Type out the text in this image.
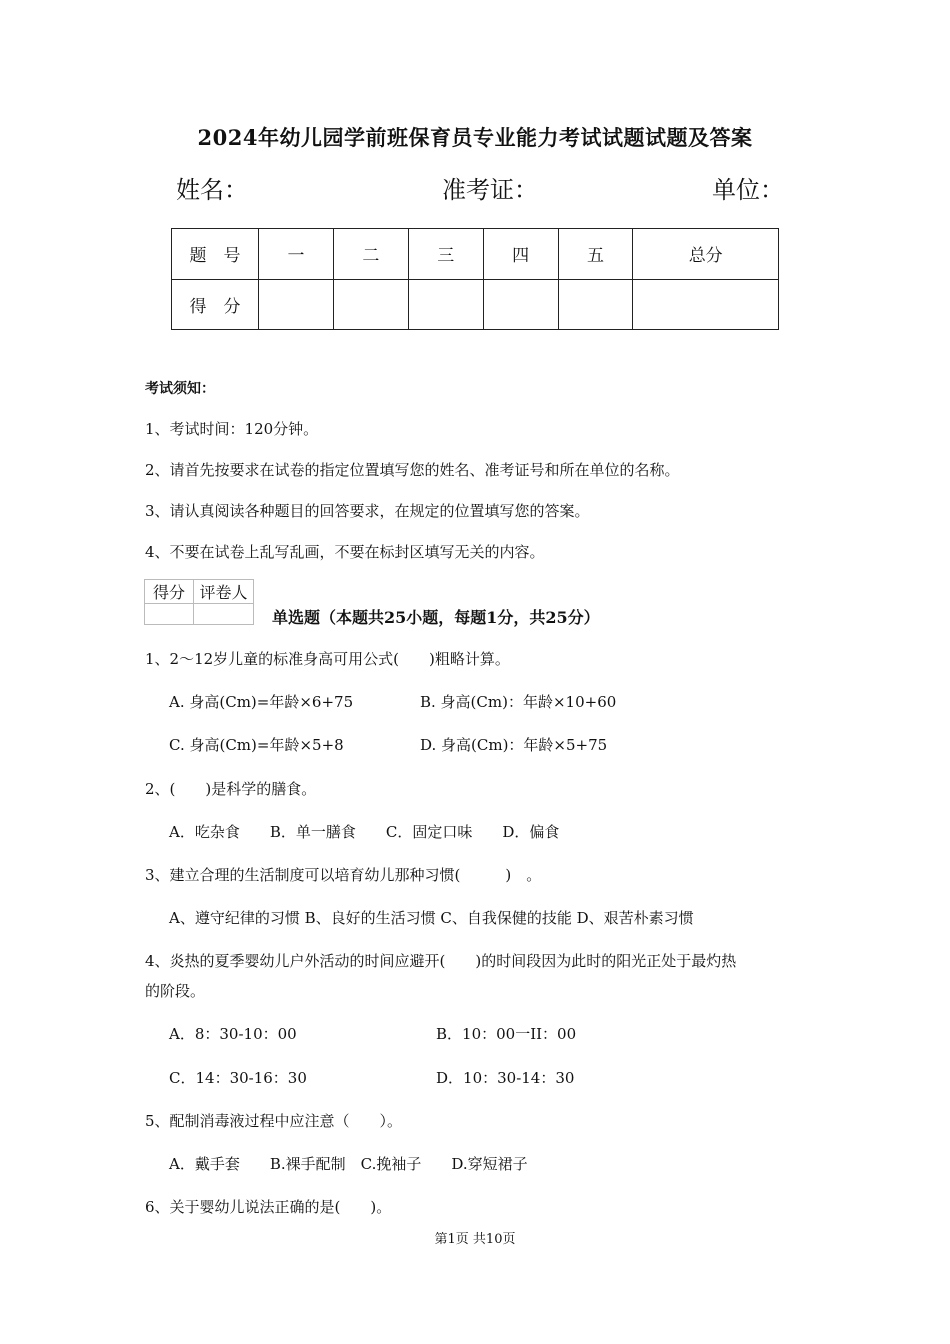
2024年幼儿园学前班保育员专业能力考试试题试题及答案
姓名：	准考证：	单位：
题　号	一	二	三	四	五	总分
得　分						
考试须知：
1、考试时间：120分钟。
2、请首先按要求在试卷的指定位置填写您的姓名、准考证号和所在单位的名称。
3、请认真阅读各种题目的回答要求，在规定的位置填写您的答案。
4、不要在试卷上乱写乱画，不要在标封区填写无关的内容。
得分	评卷人

单选题（本题共25小题，每题1分，共25分）
1、2～12岁儿童的标准身高可用公式(　　)粗略计算。
A. 身高(Cm)=年龄×6+75	B. 身高(Cm)：年龄×10+60
C. 身高(Cm)=年龄×5+8	D. 身高(Cm)：年龄×5+75
2、(　　)是科学的膳食。
A．吃杂食　　B．单一膳食　　C．固定口味　　D．偏食
3、建立合理的生活制度可以培育幼儿那种习惯(　　　)　。
A、遵守纪律的习惯 B、良好的生活习惯 C、自我保健的技能 D、艰苦朴素习惯
4、炎热的夏季婴幼儿户外活动的时间应避开(　　)的时间段因为此时的阳光正处于最灼热
的阶段。
A．8：30-10：00	B．10：00一II：00
C．14：30-16：30	D．10：30-14：30
5、配制消毒液过程中应注意（　　）。
A．戴手套　　B.裸手配制　C.挽袖子　　D.穿短裙子
6、关于婴幼儿说法正确的是(　　)。
第1页 共10页
